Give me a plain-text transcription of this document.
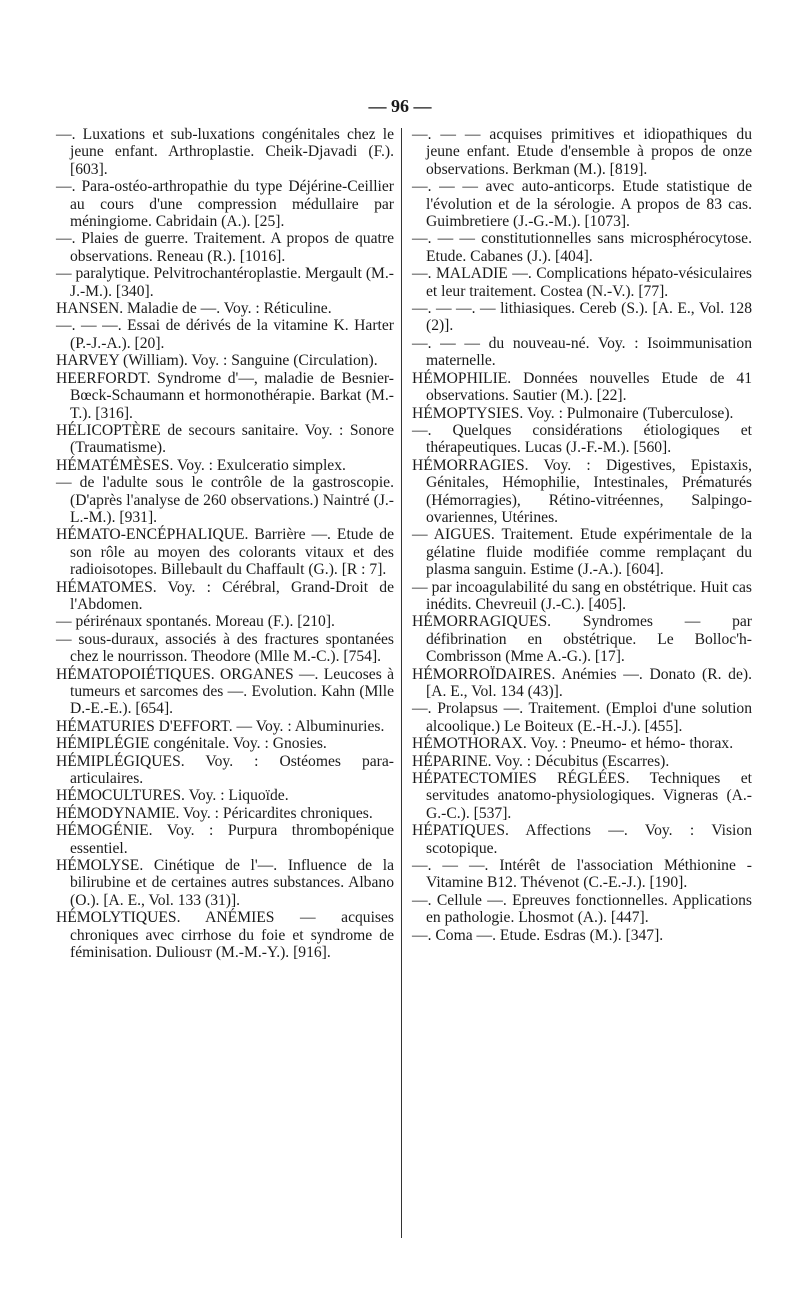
— 96 —

—. Luxations et sub-luxations congénitales chez le jeune enfant. Arthroplastie. Cheik-Djavadi (F.). [603].

—. Para-ostéo-arthropathie du type Déjérine-Ceillier au cours d'une compression médullaire par méningiome. Cabridain (A.). [25].

—. Plaies de guerre. Traitement. A propos de quatre observations. Reneau (R.). [1016].

— paralytique. Pelvitrochantéroplastie. Mergault (M.-J.-M.). [340].

HANSEN. Maladie de —. Voy. : Réticuline.

—. — —. Essai de dérivés de la vitamine K. Harter (P.-J.-A.). [20].

HARVEY (William). Voy. : Sanguine (Circulation).

HEERFORDT. Syndrome d'—, maladie de Besnier-Bœck-Schaumann et hormonothérapie. Barkat (M.-T.). [316].

HÉLICOPTÈRE de secours sanitaire. Voy. : Sonore (Traumatisme).

HÉMATÉMÈSES. Voy. : Exulceratio simplex.

— de l'adulte sous le contrôle de la gastroscopie. (D'après l'analyse de 260 observations.) Naintré (J.-L.-M.). [931].

HÉMATO-ENCÉPHALIQUE. Barrière —. Etude de son rôle au moyen des colorants vitaux et des radioisotopes. Billebault du Chaffault (G.). [R : 7].

HÉMATOMES. Voy. : Cérébral, Grand-Droit de l'Abdomen.

— périrénaux spontanés. Moreau (F.). [210].

— sous-duraux, associés à des fractures spontanées chez le nourrisson. Theodore (Mlle M.-C.). [754].

HÉMATOPOIÉTIQUES. ORGANES —. Leucoses à tumeurs et sarcomes des —. Evolution. Kahn (Mlle D.-E.-E.). [654].

HÉMATURIES D'EFFORT. — Voy. : Albuminuries.

HÉMIPLÉGIE congénitale. Voy. : Gnosies.

HÉMIPLÉGIQUES. Voy. : Ostéomes para-articulaires.

HÉMOCULTURES. Voy. : Liquoïde.

HÉMODYNAMIE. Voy. : Péricardites chroniques.

HÉMOGÉNIE. Voy. : Purpura thrombopénique essentiel.

HÉMOLYSE. Cinétique de l'—. Influence de la bilirubine et de certaines autres substances. Albano (O.). [A. E., Vol. 133 (31)].

HÉMOLYTIQUES. ANÉMIES — acquises chroniques avec cirrhose du foie et syndrome de féminisation. Duliousт (M.-M.-Y.). [916].

—. — — acquises primitives et idiopathiques du jeune enfant. Etude d'ensemble à propos de onze observations. Berkman (M.). [819].

—. — — avec auto-anticorps. Etude statistique de l'évolution et de la sérologie. A propos de 83 cas. Guimbretiere (J.-G.-M.). [1073].

—. — — constitutionnelles sans microsphérocytose. Etude. Cabanes (J.). [404].

—. MALADIE —. Complications hépato-vésiculaires et leur traitement. Costea (N.-V.). [77].

—. — —. — lithiasiques. Cereb (S.). [A. E., Vol. 128 (2)].

—. — — du nouveau-né. Voy. : Isoimmunisation maternelle.

HÉMOPHILIE. Données nouvelles Etude de 41 observations. Sautier (M.). [22].

HÉMOPTYSIES. Voy. : Pulmonaire (Tuberculose).

—. Quelques considérations étiologiques et thérapeutiques. Lucas (J.-F.-M.). [560].

HÉMORRAGIES. Voy. : Digestives, Epistaxis, Génitales, Hémophilie, Intestinales, Prématurés (Hémorragies), Rétino-vitréennes, Salpingo-ovariennes, Utérines.

— AIGUES. Traitement. Etude expérimentale de la gélatine fluide modifiée comme remplaçant du plasma sanguin. Estime (J.-A.). [604].

— par incoagulabilité du sang en obstétrique. Huit cas inédits. Chevreuil (J.-C.). [405].

HÉMORRAGIQUES. Syndromes — par défibrination en obstétrique. Le Bolloc'h-Combrisson (Mme A.-G.). [17].

HÉMORROÏDAIRES. Anémies —. Donato (R. de). [A. E., Vol. 134 (43)].

—. Prolapsus —. Traitement. (Emploi d'une solution alcoolique.) Le Boiteux (E.-H.-J.). [455].

HÉMOTHORAX. Voy. : Pneumo- et hémo- thorax.

HÉPARINE. Voy. : Décubitus (Escarres).

HÉPATECTOMIES RÉGLÉES. Techniques et servitudes anatomo-physiologiques. Vigneras (A.-G.-C.). [537].

HÉPATIQUES. Affections —. Voy. : Vision scotopique.

—. — —. Intérêt de l'association Méthionine - Vitamine B12. Thévenot (C.-E.-J.). [190].

—. Cellule —. Epreuves fonctionnelles. Applications en pathologie. Lhosmot (A.). [447].

—. Coma —. Etude. Esdras (M.). [347].
